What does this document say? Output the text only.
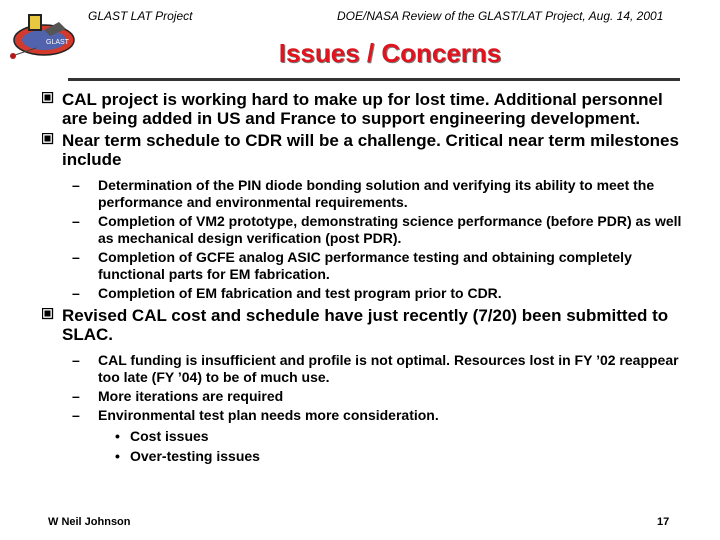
GLAST LAT Project	DOE/NASA Review of the GLAST/LAT Project, Aug. 14, 2001
GLAST	Issues / Concerns
CAL project is working hard to make up for lost time. Additional personnel are being added in US and France to support engineering development.
Near term schedule to CDR will be a challenge. Critical near term milestones include
– Determination of the PIN diode bonding solution and verifying its ability to meet the performance and environmental requirements.
– Completion of VM2 prototype, demonstrating science performance (before PDR) as well as mechanical design verification (post PDR).
– Completion of GCFE analog ASIC performance testing and obtaining completely functional parts for EM fabrication.
– Completion of EM fabrication and test program prior to CDR.
Revised CAL cost and schedule have just recently (7/20) been submitted to SLAC.
– CAL funding is insufficient and profile is not optimal. Resources lost in FY ’02 reappear too late (FY ’04) to be of much use.
– More iterations are required
– Environmental test plan needs more consideration.
• Cost issues
• Over-testing issues
W Neil Johnson	17
